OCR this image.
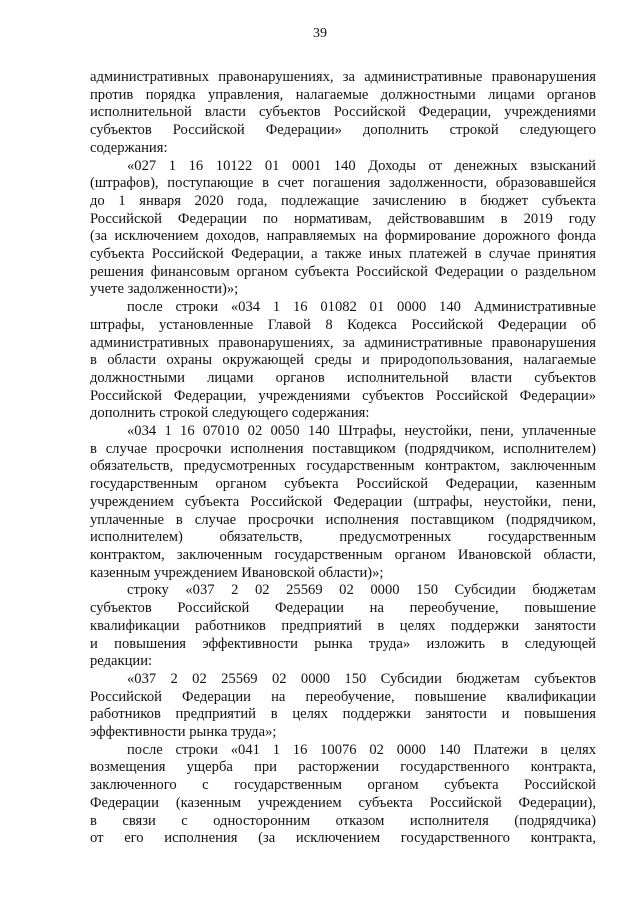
39
административных правонарушениях, за административные правонарушения
против порядка управления, налагаемые должностными лицами органов
исполнительной власти субъектов Российской Федерации, учреждениями
субъектов Российской Федерации» дополнить строкой следующего
содержания:
«027 1 16 10122 01 0001 140 Доходы от денежных взысканий
(штрафов), поступающие в счет погашения задолженности, образовавшейся
до 1 января 2020 года, подлежащие зачислению в бюджет субъекта
Российской Федерации по нормативам, действовавшим в 2019 году
(за исключением доходов, направляемых на формирование дорожного фонда
субъекта Российской Федерации, а также иных платежей в случае принятия
решения финансовым органом субъекта Российской Федерации о раздельном
учете задолженности)»;
после строки «034 1 16 01082 01 0000 140 Административные
штрафы, установленные Главой 8 Кодекса Российской Федерации об
административных правонарушениях, за административные правонарушения
в области охраны окружающей среды и природопользования, налагаемые
должностными лицами органов исполнительной власти субъектов
Российской Федерации, учреждениями субъектов Российской Федерации»
дополнить строкой следующего содержания:
«034 1 16 07010 02 0050 140 Штрафы, неустойки, пени, уплаченные
в случае просрочки исполнения поставщиком (подрядчиком, исполнителем)
обязательств, предусмотренных государственным контрактом, заключенным
государственным органом субъекта Российской Федерации, казенным
учреждением субъекта Российской Федерации (штрафы, неустойки, пени,
уплаченные в случае просрочки исполнения поставщиком (подрядчиком,
исполнителем) обязательств, предусмотренных государственным
контрактом, заключенным государственным органом Ивановской области,
казенным учреждением Ивановской области)»;
строку «037 2 02 25569 02 0000 150 Субсидии бюджетам
субъектов Российской Федерации на переобучение, повышение
квалификации работников предприятий в целях поддержки занятости
и повышения эффективности рынка труда» изложить в следующей
редакции:
«037 2 02 25569 02 0000 150 Субсидии бюджетам субъектов
Российской Федерации на переобучение, повышение квалификации
работников предприятий в целях поддержки занятости и повышения
эффективности рынка труда»;
после строки «041 1 16 10076 02 0000 140 Платежи в целях
возмещения ущерба при расторжении государственного контракта,
заключенного с государственным органом субъекта Российской
Федерации (казенным учреждением субъекта Российской Федерации),
в связи с односторонним отказом исполнителя (подрядчика)
от его исполнения (за исключением государственного контракта,
